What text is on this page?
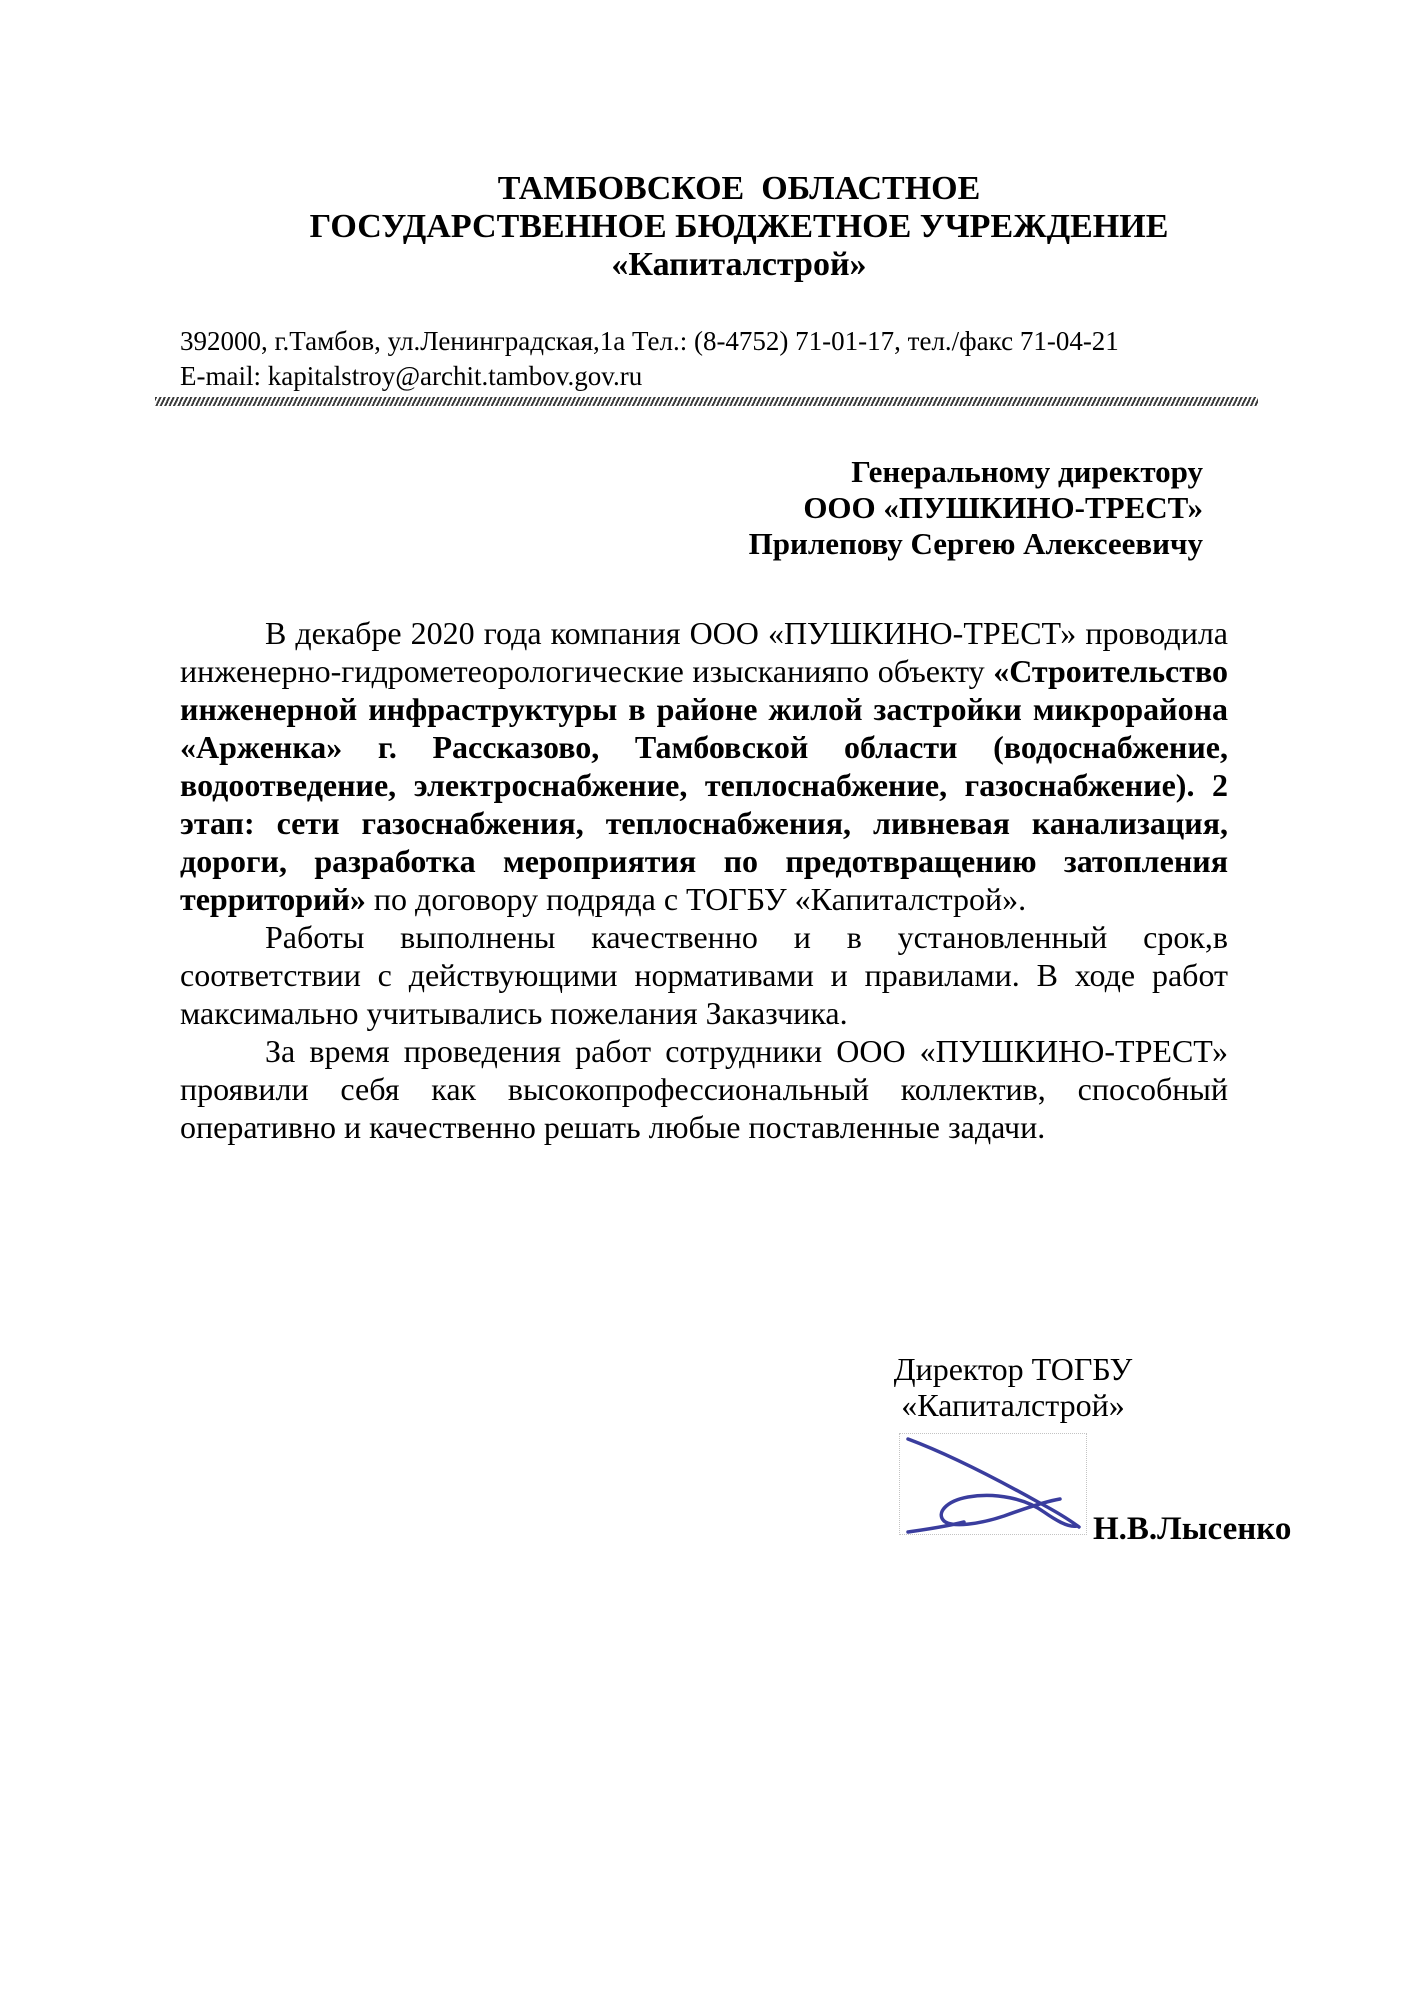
ТАМБОВСКОЕ  ОБЛАСТНОЕ
ГОСУДАРСТВЕННОЕ БЮДЖЕТНОЕ УЧРЕЖДЕНИЕ
«Капиталстрой»
392000, г.Тамбов, ул.Ленинградская,1а Тел.: (8-4752) 71-01-17, тел./факс 71-04-21
E-mail: kapitalstroy@archit.tambov.gov.ru
Генеральному директору
ООО «ПУШКИНО-ТРЕСТ»
Прилепову Сергею Алексеевичу

В декабре 2020 года компания ООО «ПУШКИНО-ТРЕСТ» проводила инженерно-гидрометеорологические изысканияпо объекту «Строительство инженерной инфраструктуры в районе жилой застройки микрорайона «Арженка» г. Рассказово, Тамбовской области (водоснабжение, водоотведение, электроснабжение, теплоснабжение, газоснабжение). 2 этап: сети газоснабжения, теплоснабжения, ливневая канализация, дороги, разработка мероприятия по предотвращению затопления территорий» по договору подряда с ТОГБУ «Капиталстрой».

Работы выполнены качественно и в установленный срок,в соответствии с действующими нормативами и правилами. В ходе работ максимально учитывались пожелания Заказчика.

За время проведения работ сотрудники ООО «ПУШКИНО-ТРЕСТ» проявили себя как высокопрофессиональный коллектив, способный оперативно и качественно решать любые поставленные задачи.

Директор ТОГБУ
«Капиталстрой»
Н.В.Лысенко
